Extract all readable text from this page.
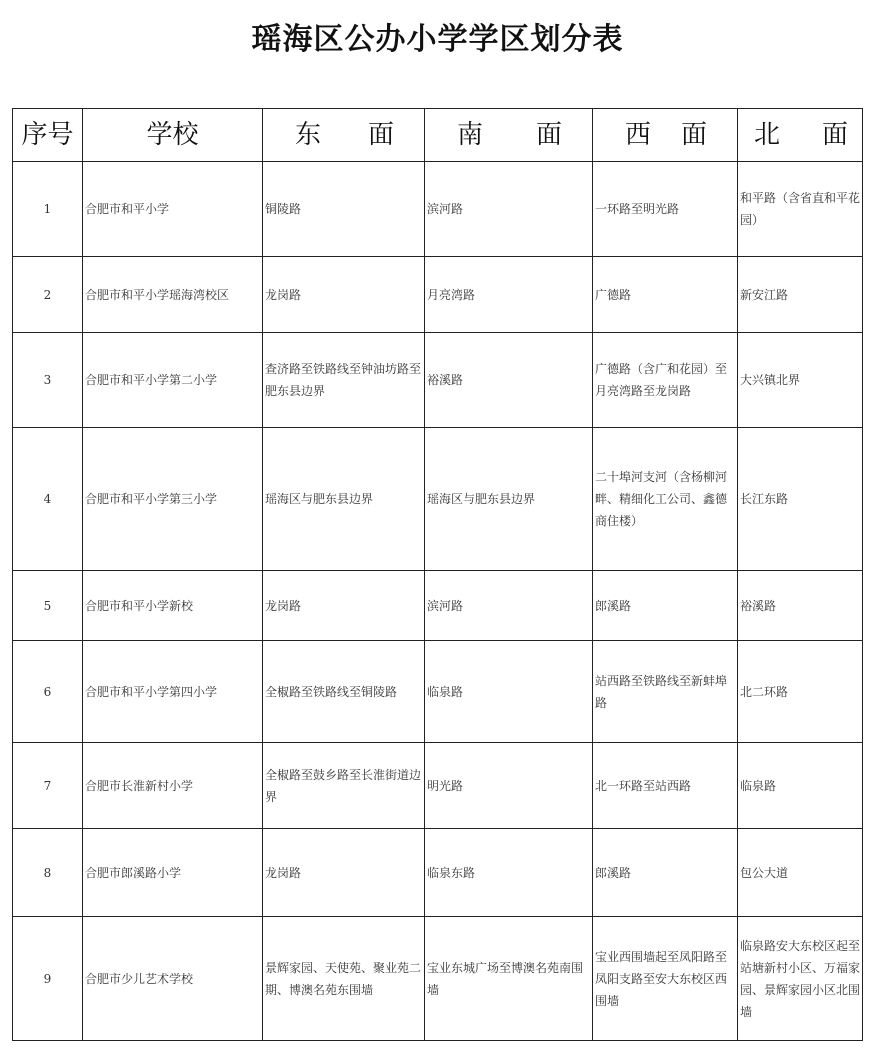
瑶海区公办小学学区划分表
序号	学校	东 面	南 面	西 面	北 面

1	合肥市和平小学	铜陵路	滨河路	一环路至明光路	和平路（含省直和平花园）
2	合肥市和平小学瑶海湾校区	龙岗路	月亮湾路	广德路	新安江路
3	合肥市和平小学第二小学	查济路至铁路线至钟油坊路至肥东县边界	裕溪路	广德路（含广和花园）至月亮湾路至龙岗路	大兴镇北界
4	合肥市和平小学第三小学	瑶海区与肥东县边界	瑶海区与肥东县边界	二十埠河支河（含杨柳河畔、精细化工公司、鑫德商住楼）	长江东路
5	合肥市和平小学新校	龙岗路	滨河路	郎溪路	裕溪路
6	合肥市和平小学第四小学	全椒路至铁路线至铜陵路	临泉路	站西路至铁路线至新蚌埠路	北二环路
7	合肥市长淮新村小学	全椒路至鼓乡路至长淮街道边界	明光路	北一环路至站西路	临泉路
8	合肥市郎溪路小学	龙岗路	临泉东路	郎溪路	包公大道
9	合肥市少儿艺术学校	景辉家园、天使苑、聚业苑二期、博澳名苑东围墙	宝业东城广场至博澳名苑南围墙	宝业西围墙起至凤阳路至凤阳支路至安大东校区西围墙	临泉路安大东校区起至站塘新村小区、万福家园、景辉家园小区北围墙
